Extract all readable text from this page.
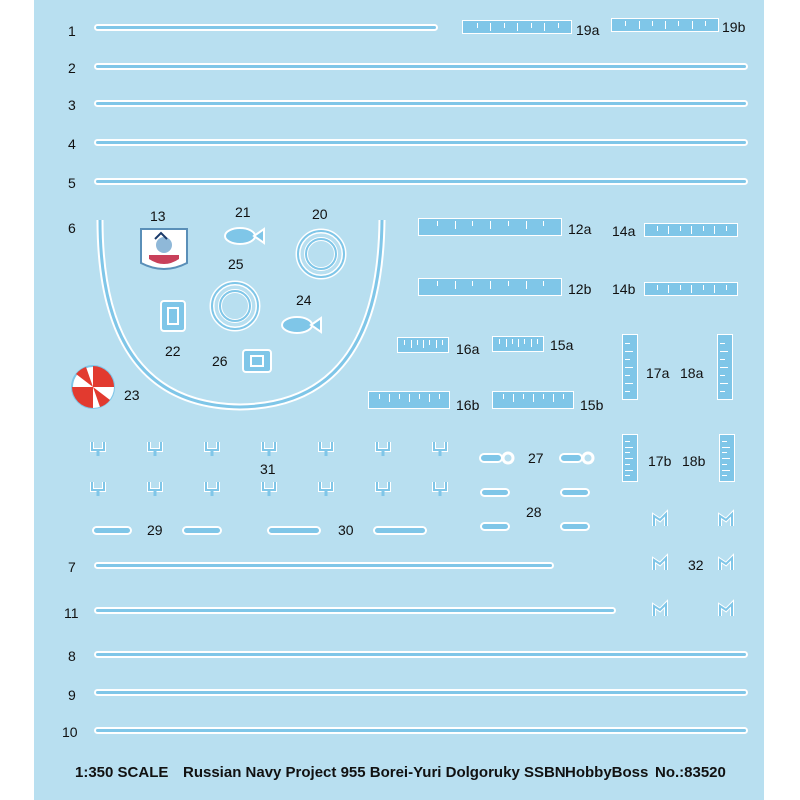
1
2
3
4
5
6
7
11
8
9
10
13	21	20
25
24
22
26
23
19a	19b
12a 14a
12b 14b
16a	15a
16b	15b
17a 18a
17b 18b
31
27
28
29	30
32
1:350 SCALE Russian Navy Project 955 Borei-Yuri Dolgoruky SSBN HobbyBoss No.:83520
